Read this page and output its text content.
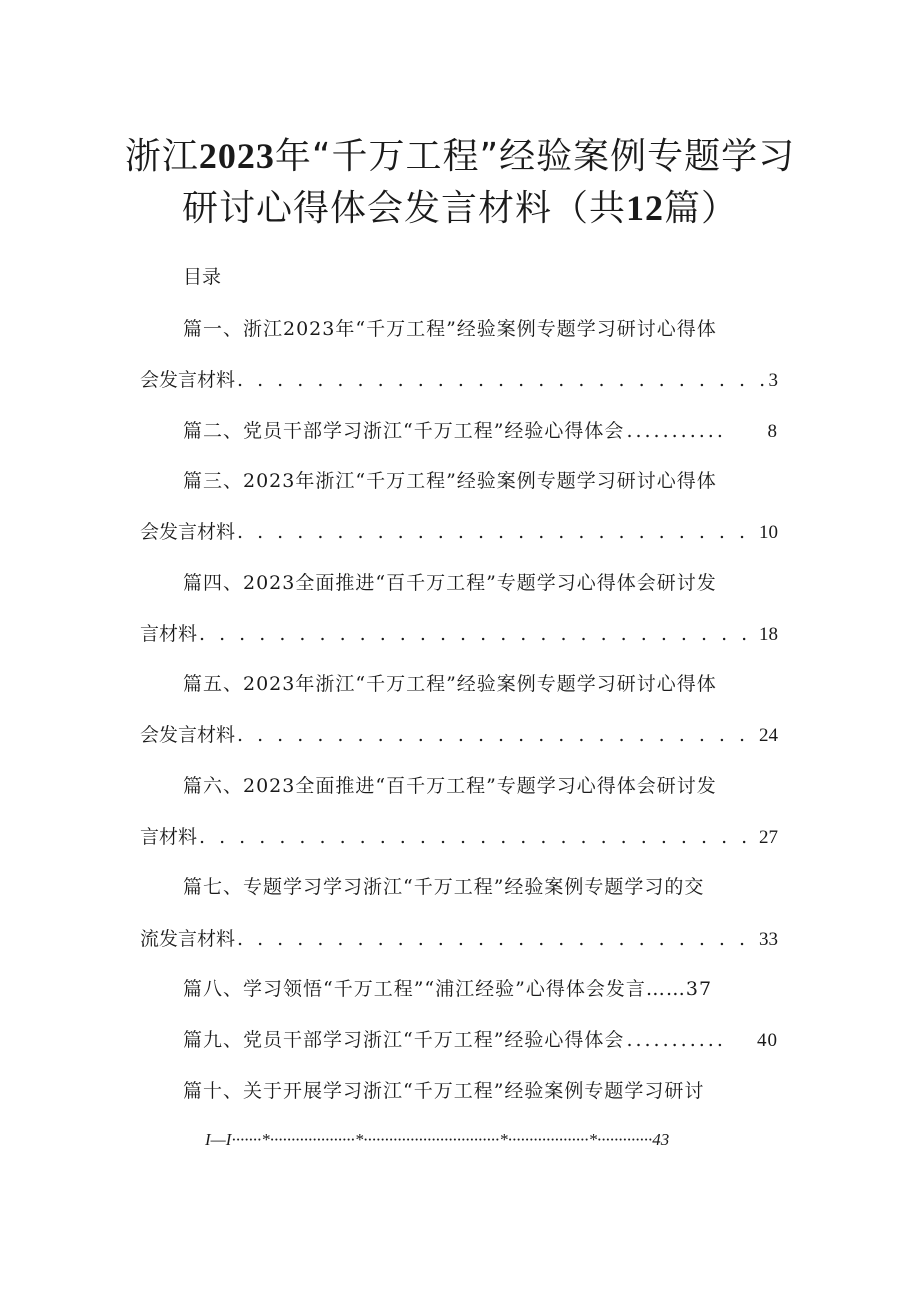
浙江2023年“千万工程”经验案例专题学习
研讨心得体会发言材料（共12篇）
目录
篇一、浙江2023年“千万工程”经验案例专题学习研讨心得体
会发言材料 . . .	3
篇二、党员干部学习浙江“千万工程”经验心得体会 ...........	8
篇三、2023年浙江“千万工程”经验案例专题学习研讨心得体
会发言材料 . . .	10
篇四、2023全面推进“百千万工程”专题学习心得体会研讨发
言材料 . . .	18
篇五、2023年浙江“千万工程”经验案例专题学习研讨心得体
会发言材料 . . .	24
篇六、2023全面推进“百千万工程”专题学习心得体会研讨发
言材料 . . .	27
篇七、专题学习学习浙江“千万工程”经验案例专题学习的交
流发言材料 . . .	33
篇八、学习领悟“千万工程”“浦江经验”心得体会发言……37
篇九、党员干部学习浙江“千万工程”经验心得体会 ...........	40
篇十、关于开展学习浙江“千万工程”经验案例专题学习研讨
I—I·······*····················*································*···················*·············43
